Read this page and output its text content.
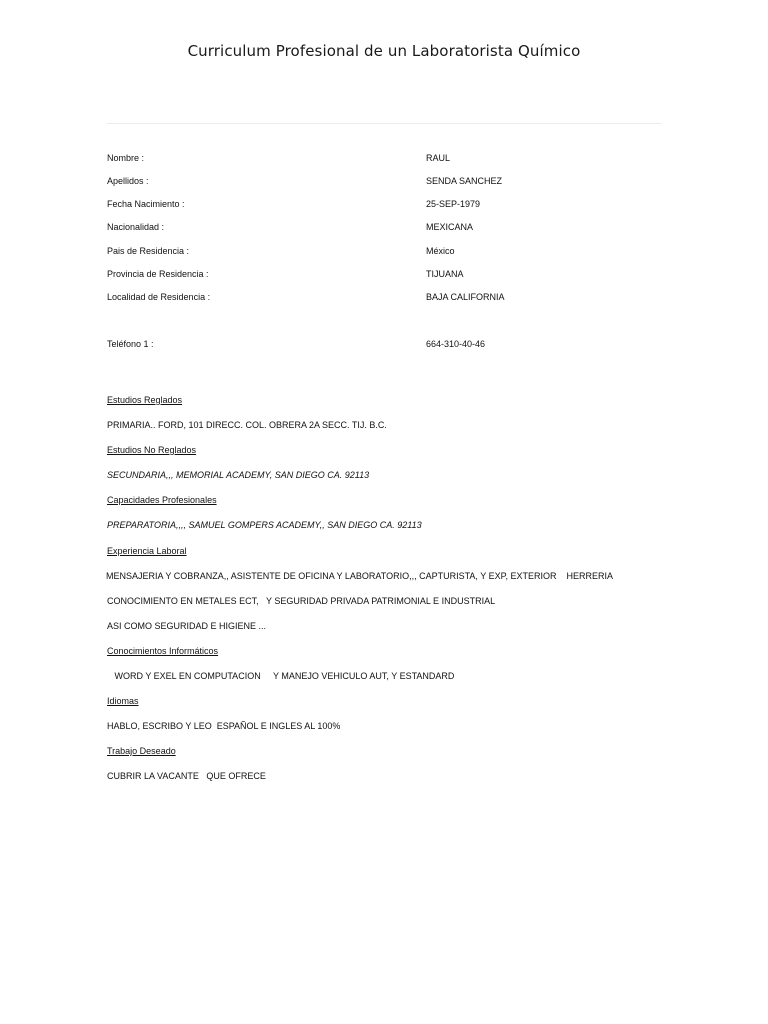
Curriculum Profesional de un Laboratorista Químico
Nombre :	RAUL
Apellidos :	SENDA SANCHEZ
Fecha Nacimiento :	25-SEP-1979
Nacionalidad :	MEXICANA
Pais de Residencia :	México
Provincia de Residencia :	TIJUANA
Localidad de Residencia :	BAJA CALIFORNIA
Teléfono 1 :	664-310-40-46
Estudios Reglados
PRIMARIA.. FORD, 101 DIRECC. COL. OBRERA 2A SECC. TIJ. B.C.
Estudios No Reglados
SECUNDARIA,,, MEMORIAL ACADEMY, SAN DIEGO CA. 92113
Capacidades Profesionales
PREPARATORIA,,,, SAMUEL GOMPERS ACADEMY,, SAN DIEGO CA. 92113
Experiencia Laboral
MENSAJERIA Y COBRANZA,, ASISTENTE DE OFICINA Y LABORATORIO,,, CAPTURISTA, Y EXP, EXTERIOR    HERRERIA
CONOCIMIENTO EN METALES ECT,   Y SEGURIDAD PRIVADA PATRIMONIAL E INDUSTRIAL
ASI COMO SEGURIDAD E HIGIENE ...
Conocimientos Informáticos
WORD Y EXEL EN COMPUTACION     Y MANEJO VEHICULO AUT, Y ESTANDARD
Idiomas
HABLO, ESCRIBO Y LEO  ESPAÑOL E INGLES AL 100%
Trabajo Deseado
CUBRIR LA VACANTE   QUE OFRECE
